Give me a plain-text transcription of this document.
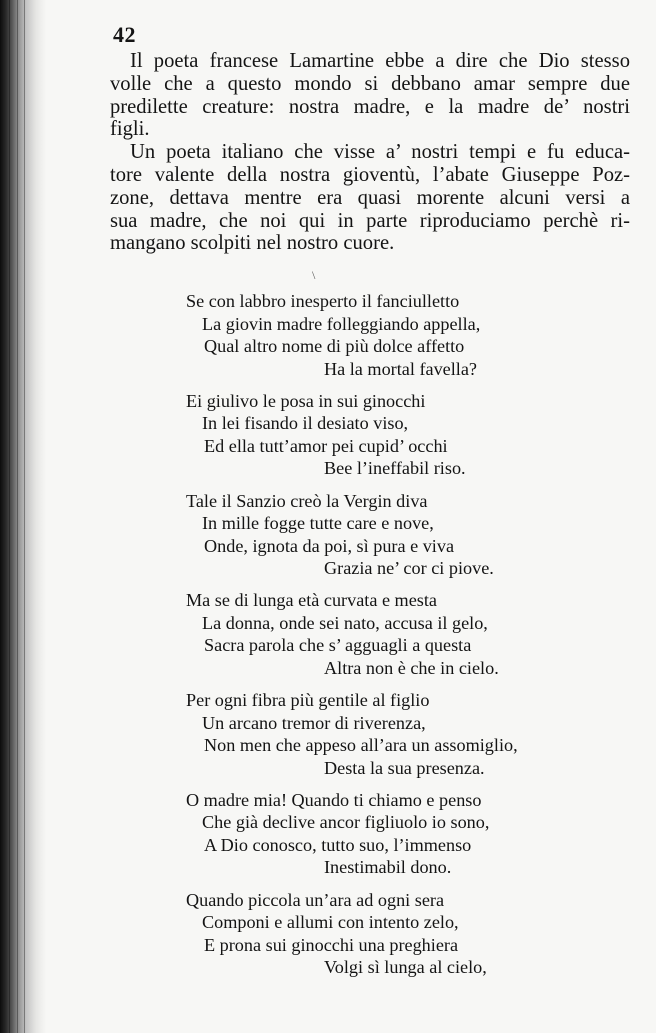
42
Il poeta francese Lamartine ebbe a dire che Dio stesso
volle che a questo mondo si debbano amar sempre due
predilette creature: nostra madre, e la madre de’ nostri
figli.
Un poeta italiano che visse a’ nostri tempi e fu educa-
tore valente della nostra gioventù, l’abate Giuseppe Poz-
zone, dettava mentre era quasi morente alcuni versi a
sua madre, che noi qui in parte riproduciamo perchè ri-
mangano scolpiti nel nostro cuore.
\
Se con labbro inesperto il fanciulletto
La giovin madre folleggiando appella,
Qual altro nome di più dolce affetto
Ha la mortal favella?
Ei giulivo le posa in sui ginocchi
In lei fisando il desiato viso,
Ed ella tutt’amor pei cupid’ occhi
Bee l’ineffabil riso.
Tale il Sanzio creò la Vergin diva
In mille fogge tutte care e nove,
Onde, ignota da poi, sì pura e viva
Grazia ne’ cor ci piove.
Ma se di lunga età curvata e mesta
La donna, onde sei nato, accusa il gelo,
Sacra parola che s’ agguagli a questa
Altra non è che in cielo.
Per ogni fibra più gentile al figlio
Un arcano tremor di riverenza,
Non men che appeso all’ara un assomiglio,
Desta la sua presenza.
O madre mia! Quando ti chiamo e penso
Che già declive ancor figliuolo io sono,
A Dio conosco, tutto suo, l’immenso
Inestimabil dono.
Quando piccola un’ara ad ogni sera
Componi e allumi con intento zelo,
E prona sui ginocchi una preghiera
Volgi sì lunga al cielo,
